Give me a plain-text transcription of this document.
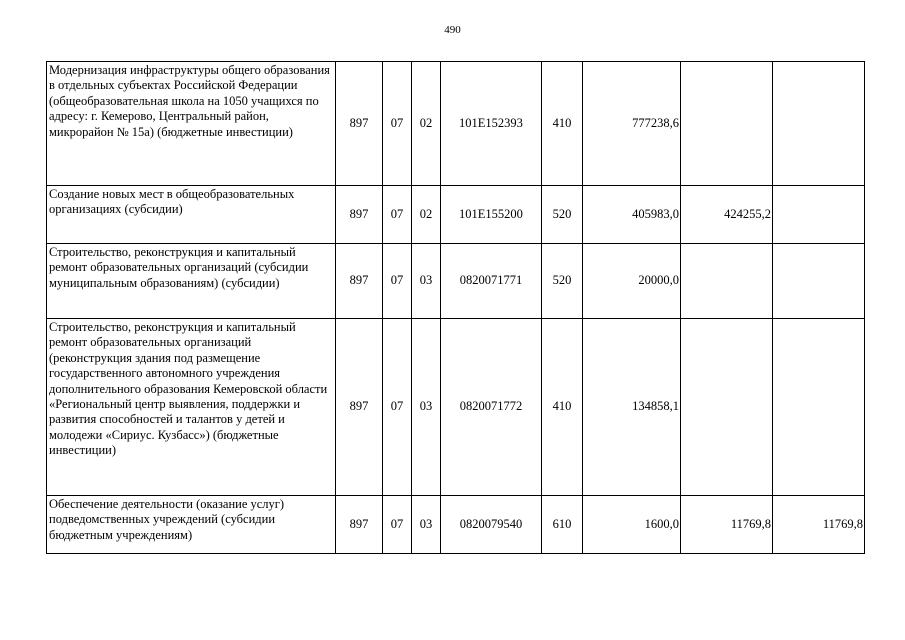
490
Модернизация инфраструктуры общего образования в отдельных субъектах Российской Федерации (общеобразовательная школа на 1050 учащихся по адресу: г. Кемерово, Центральный район, микрорайон № 15а) (бюджетные инвестиции)	897	07	02	101E152393	410	777238,6		
Создание новых мест в общеобразовательных организациях (субсидии)	897	07	02	101E155200	520	405983,0	424255,2	
Строительство, реконструкция и капитальный ремонт образовательных организаций (субсидии муниципальным образованиям) (субсидии)	897	07	03	0820071771	520	20000,0		
Строительство, реконструкция и капитальный ремонт образовательных организаций (реконструкция здания под размещение государственного автономного учреждения дополнительного образования Кемеровской области «Региональный центр выявления, поддержки и развития способностей и талантов у детей и молодежи «Сириус. Кузбасс») (бюджетные инвестиции)	897	07	03	0820071772	410	134858,1		
Обеспечение деятельности (оказание услуг) подведомственных учреждений (субсидии бюджетным учреждениям)	897	07	03	0820079540	610	1600,0	11769,8	11769,8
